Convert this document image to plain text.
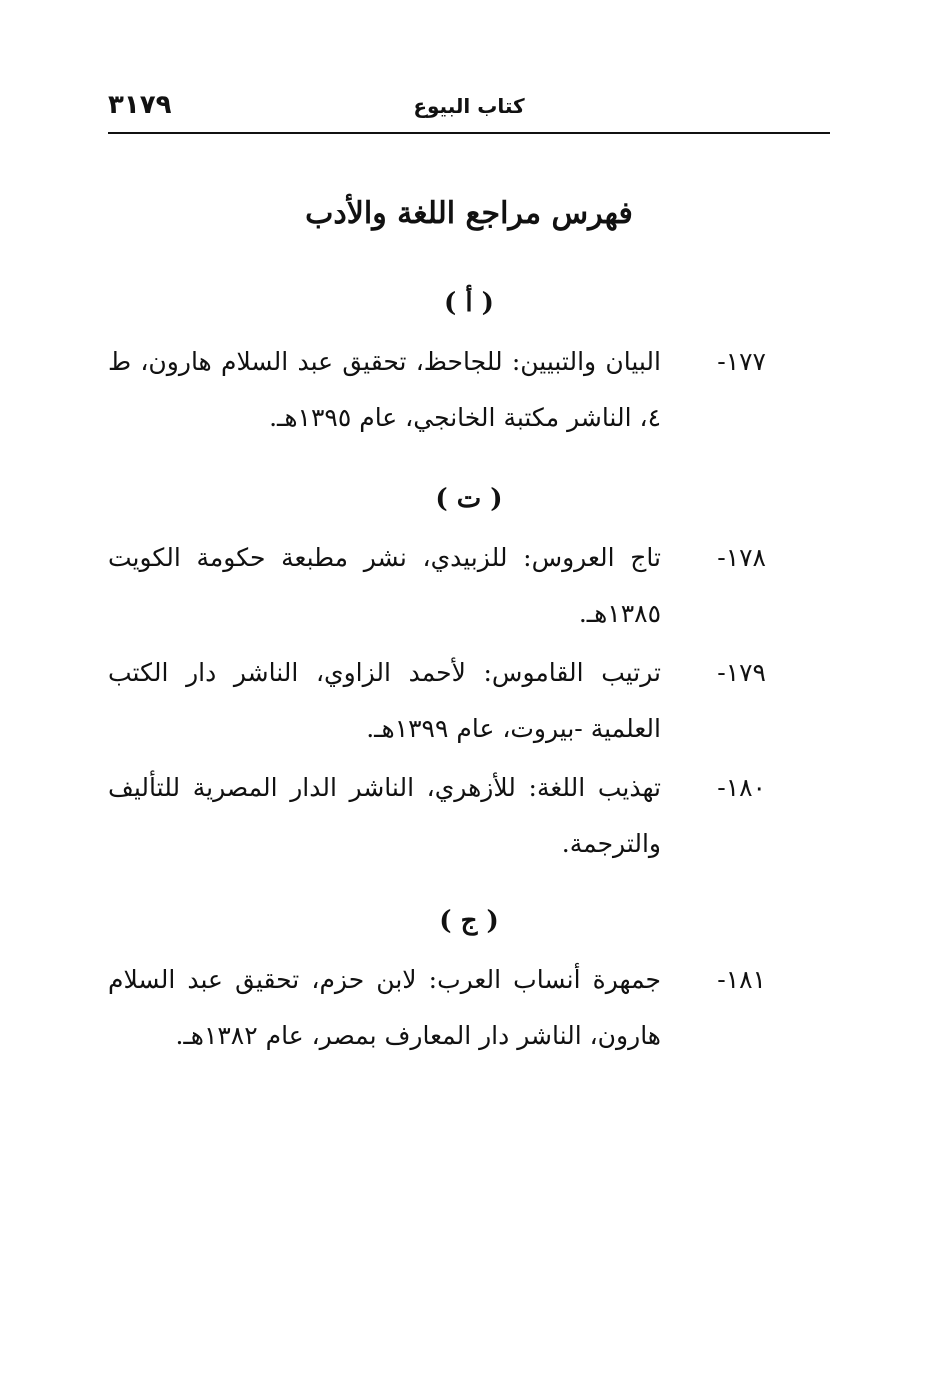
٣١٧٩	كتاب البيوع
فهرس مراجع اللغة والأدب
( أ )
١٧٧-
البيان والتبيين: للجاحظ، تحقيق عبد السلام هارون، ط ٤، الناشر مكتبة الخانجي، عام ١٣٩٥هـ.
( ت )
١٧٨-
تاج العروس: للزبيدي، نشر مطبعة حكومة الكويت ١٣٨٥هـ.
١٧٩-
ترتيب القاموس: لأحمد الزاوي، الناشر دار الكتب العلمية -بيروت، عام ١٣٩٩هـ.
١٨٠-
تهذيب اللغة: للأزهري، الناشر الدار المصرية للتأليف والترجمة.
( ج )
١٨١-
جمهرة أنساب العرب: لابن حزم، تحقيق عبد السلام هارون، الناشر دار المعارف بمصر، عام ١٣٨٢هـ.
